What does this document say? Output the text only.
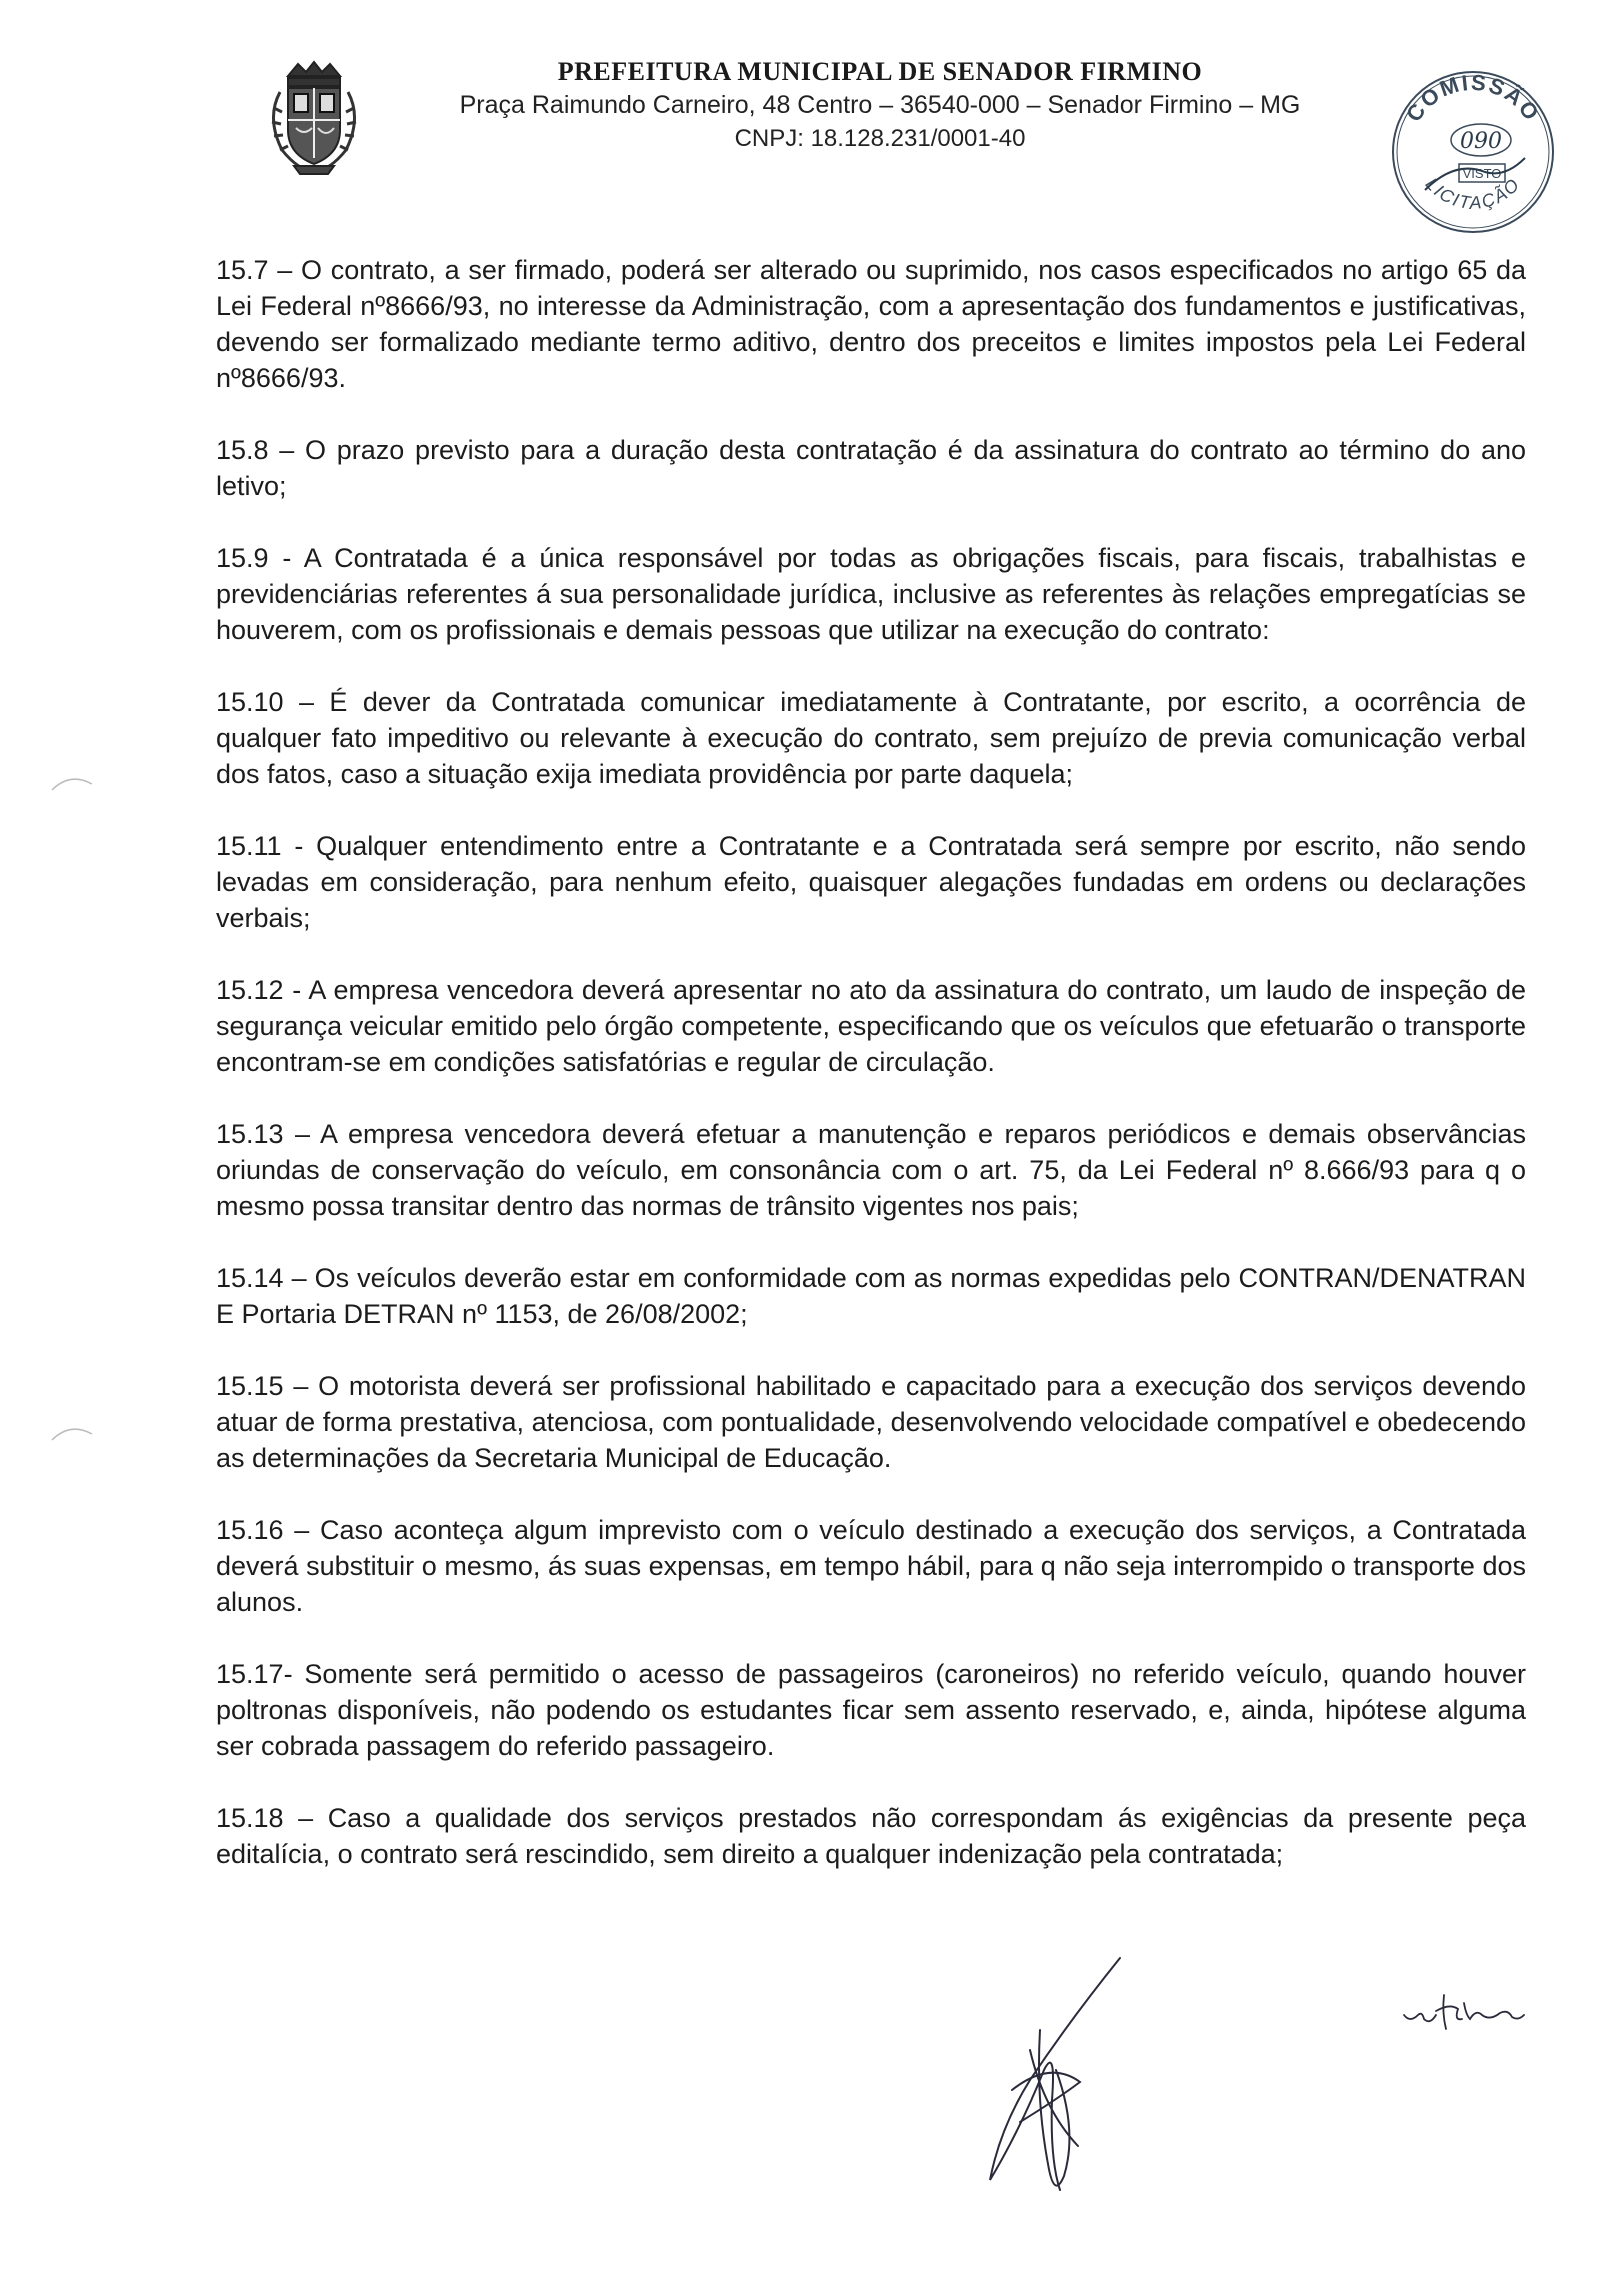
PREFEITURA MUNICIPAL DE SENADOR FIRMINO

Praça Raimundo Carneiro, 48 Centro – 36540-000 – Senador Firmino – MG

CNPJ: 18.128.231/0001-40

COMISSÃO
LICITAÇÃO
090
VISTO

15.7 – O contrato, a ser firmado, poderá ser alterado ou suprimido, nos casos especificados no artigo 65 da Lei Federal nº8666/93, no interesse da Administração, com a apresentação dos fundamentos e justificativas, devendo ser formalizado mediante termo aditivo, dentro dos preceitos e limites impostos pela Lei Federal nº8666/93.

15.8 – O prazo previsto para a duração desta contratação é da assinatura do contrato ao término do ano letivo;

15.9 - A Contratada é a única responsável por todas as obrigações fiscais, para fiscais, trabalhistas e previdenciárias referentes á sua personalidade jurídica, inclusive as referentes às relações empregatícias se houverem, com os profissionais e demais pessoas que utilizar na execução do contrato:

15.10 – É dever da Contratada comunicar imediatamente à Contratante, por escrito, a ocorrência de qualquer fato impeditivo ou relevante à execução do contrato, sem prejuízo de previa comunicação verbal dos fatos, caso a situação exija imediata providência por parte daquela;

15.11 - Qualquer entendimento entre a Contratante e a Contratada será sempre por escrito, não sendo levadas em consideração, para nenhum efeito, quaisquer alegações fundadas em ordens ou declarações verbais;

15.12 - A empresa vencedora deverá apresentar no ato da assinatura do contrato, um laudo de inspeção de segurança veicular emitido pelo órgão competente, especificando que os veículos que efetuarão o transporte encontram-se em condições satisfatórias e regular de circulação.

15.13 – A empresa vencedora deverá efetuar a manutenção e reparos periódicos e demais observâncias oriundas de conservação do veículo, em consonância com o art. 75, da Lei Federal nº 8.666/93 para q o mesmo possa transitar dentro das normas de trânsito vigentes nos pais;

15.14 – Os veículos deverão estar em conformidade com as normas expedidas pelo CONTRAN/DENATRAN E Portaria DETRAN nº 1153, de 26/08/2002;

15.15 – O motorista deverá ser profissional habilitado e capacitado para a execução dos serviços devendo atuar de forma prestativa, atenciosa, com pontualidade, desenvolvendo velocidade compatível e obedecendo as determinações da Secretaria Municipal de Educação.

15.16 – Caso aconteça algum imprevisto com o veículo destinado a execução dos serviços, a Contratada deverá substituir o mesmo, ás suas expensas, em tempo hábil, para q não seja interrompido o transporte dos alunos.

15.17- Somente será permitido o acesso de passageiros (caroneiros) no referido veículo, quando houver poltronas disponíveis, não podendo os estudantes ficar sem assento reservado, e, ainda, hipótese alguma ser cobrada passagem do referido passageiro.

15.18 – Caso a qualidade dos serviços prestados não correspondam ás exigências da presente peça editalícia, o contrato será rescindido, sem direito a qualquer indenização pela contratada;
